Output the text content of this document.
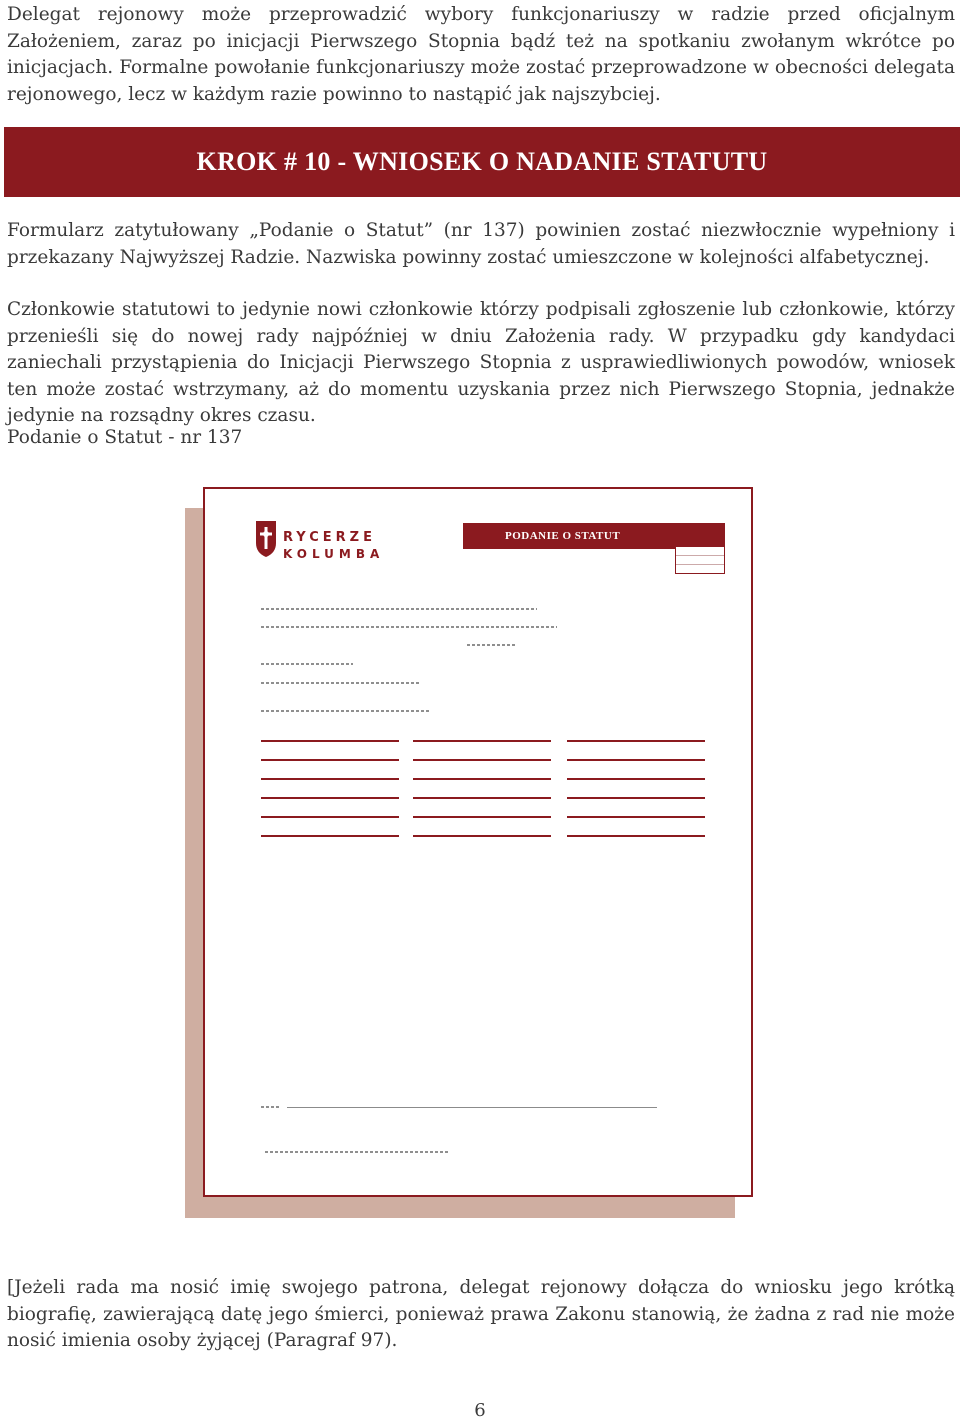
Delegat rejonowy może przeprowadzić wybory funkcjonariuszy w radzie przed oficjalnym Założeniem, zaraz po inicjacji Pierwszego Stopnia bądź też na spotkaniu zwołanym wkrótce po inicjacjach. Formalne powołanie funkcjonariuszy może zostać przeprowadzone w obecności delegata rejonowego, lecz w każdym razie powinno to nastąpić jak najszybciej.

KROK # 10 - WNIOSEK O NADANIE STATUTU

Formularz zatytułowany „Podanie o Statut” (nr 137) powinien zostać niezwłocznie wypełniony i przekazany Najwyższej Radzie. Nazwiska powinny zostać umieszczone w kolejności alfabetycznej.

Członkowie statutowi to jedynie nowi członkowie którzy podpisali zgłoszenie lub członkowie, którzy przenieśli się do nowej rady najpóźniej w dniu Założenia rady. W przypadku gdy kandydaci zaniechali przystąpienia do Inicjacji Pierwszego Stopnia z usprawiedliwionych powodów, wniosek ten może zostać wstrzymany, aż do momentu uzyskania przez nich Pierwszego Stopnia, jednakże jedynie na rozsądny okres czasu.

Podanie o Statut - nr 137

RYCERZE
KOLUMBA
PODANIE O STATUT

[Jeżeli rada ma nosić imię swojego patrona, delegat rejonowy dołącza do wniosku jego krótką biografię, zawierającą datę jego śmierci, ponieważ prawa Zakonu stanowią, że żadna z rad nie może nosić imienia osoby żyjącej (Paragraf 97).

6
